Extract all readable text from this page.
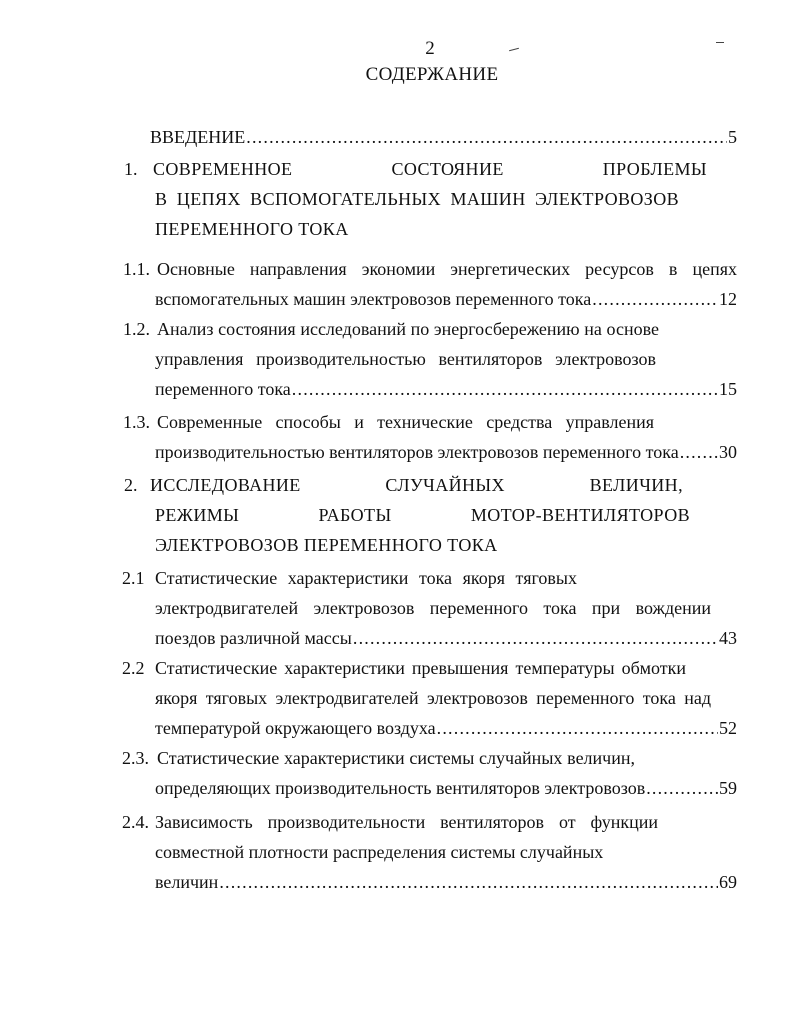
2
СОДЕРЖАНИЕ
ВВЕДЕНИЕ .....	5
1. СОВРЕМЕННОЕ СОСТОЯНИЕ ПРОБЛЕМЫ
В ЦЕПЯХ ВСПОМОГАТЕЛЬНЫХ МАШИН ЭЛЕКТРОВОЗОВ
ПЕРЕМЕННОГО ТОКА
1.1. Основные направления экономии энергетических ресурсов в цепях
вспомогательных машин электровозов переменного тока .....	12
1.2. Анализ состояния исследований по энергосбережению на основе
управления производительностью вентиляторов электровозов
переменного тока .....	15
1.3. Современные способы и технические средства управления
производительностью вентиляторов электровозов переменного тока ..... 30
2. ИССЛЕДОВАНИЕ СЛУЧАЙНЫХ ВЕЛИЧИН,
РЕЖИМЫ РАБОТЫ МОТОР-ВЕНТИЛЯТОРОВ
ЭЛЕКТРОВОЗОВ ПЕРЕМЕННОГО ТОКА
2.1 Статистические характеристики тока якоря тяговых
электродвигателей электровозов переменного тока при вождении
поездов различной массы .....	43
2.2 Статистические характеристики превышения температуры обмотки
якоря тяговых электродвигателей электровозов переменного тока над
температурой окружающего воздуха .....	52
2.3. Статистические характеристики системы случайных величин,
определяющих производительность вентиляторов электровозов .....	59
2.4. Зависимость производительности вентиляторов от функции
совместной плотности распределения системы случайных
величин .....	69
